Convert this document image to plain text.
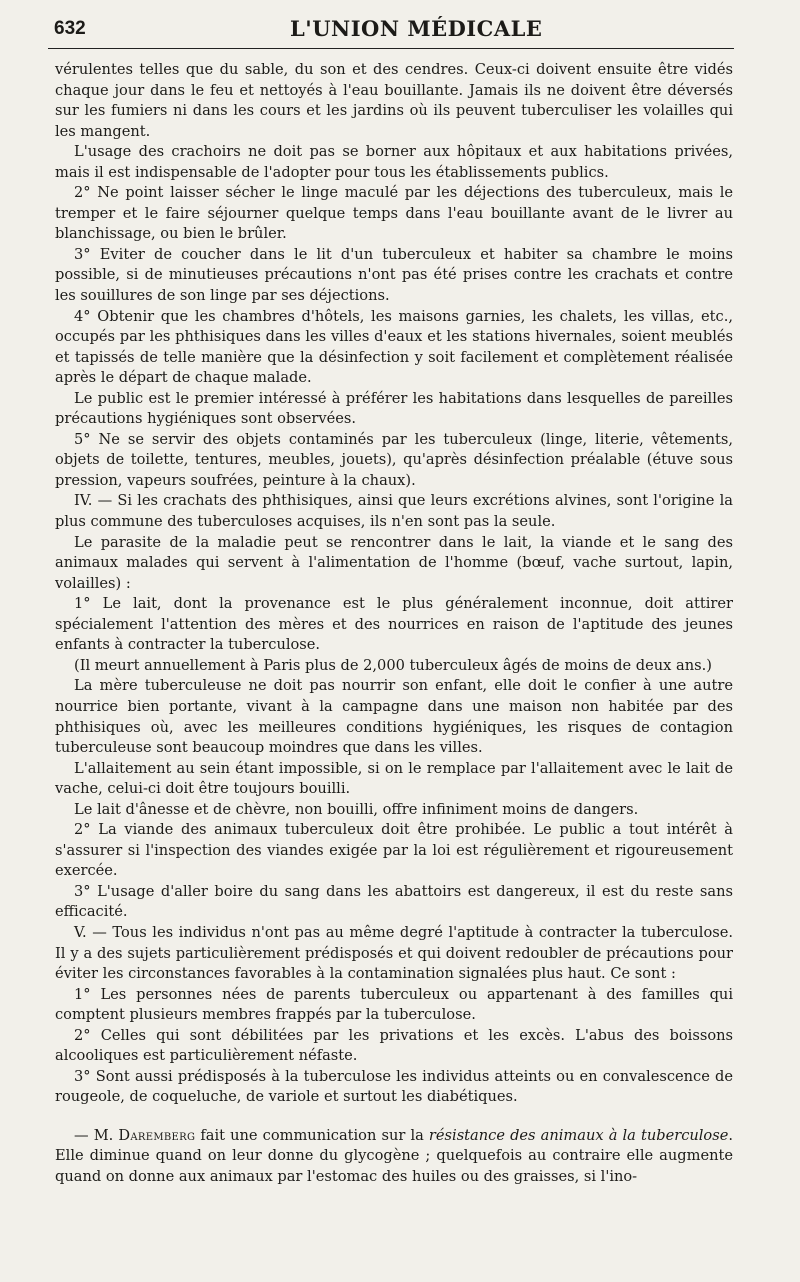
632	L'UNION MÉDICALE

vérulentes telles que du sable, du son et des cendres. Ceux-ci doivent ensuite être vidés chaque jour dans le feu et nettoyés à l'eau bouillante. Jamais ils ne doivent être déversés sur les fumiers ni dans les cours et les jardins où ils peuvent tuberculiser les volailles qui les mangent.

L'usage des crachoirs ne doit pas se borner aux hôpitaux et aux habitations privées, mais il est indispensable de l'adopter pour tous les établissements publics.

2° Ne point laisser sécher le linge maculé par les déjections des tuberculeux, mais le tremper et le faire séjourner quelque temps dans l'eau bouillante avant de le livrer au blanchissage, ou bien le brûler.

3° Eviter de coucher dans le lit d'un tuberculeux et habiter sa chambre le moins possible, si de minutieuses précautions n'ont pas été prises contre les crachats et contre les souillures de son linge par ses déjections.

4° Obtenir que les chambres d'hôtels, les maisons garnies, les chalets, les villas, etc., occupés par les phthisiques dans les villes d'eaux et les stations hivernales, soient meublés et tapissés de telle manière que la désinfection y soit facilement et complètement réalisée après le départ de chaque malade.

Le public est le premier intéressé à préférer les habitations dans lesquelles de pareilles précautions hygiéniques sont observées.

5° Ne se servir des objets contaminés par les tuberculeux (linge, literie, vêtements, objets de toilette, tentures, meubles, jouets), qu'après désinfection préalable (étuve sous pression, vapeurs soufrées, peinture à la chaux).

IV. — Si les crachats des phthisiques, ainsi que leurs excrétions alvines, sont l'origine la plus commune des tuberculoses acquises, ils n'en sont pas la seule.

Le parasite de la maladie peut se rencontrer dans le lait, la viande et le sang des animaux malades qui servent à l'alimentation de l'homme (bœuf, vache surtout, lapin, volailles) :

1° Le lait, dont la provenance est le plus généralement inconnue, doit attirer spécialement l'attention des mères et des nourrices en raison de l'aptitude des jeunes enfants à contracter la tuberculose.

(Il meurt annuellement à Paris plus de 2,000 tuberculeux âgés de moins de deux ans.)

La mère tuberculeuse ne doit pas nourrir son enfant, elle doit le confier à une autre nourrice bien portante, vivant à la campagne dans une maison non habitée par des phthisiques où, avec les meilleures conditions hygiéniques, les risques de contagion tuberculeuse sont beaucoup moindres que dans les villes.

L'allaitement au sein étant impossible, si on le remplace par l'allaitement avec le lait de vache, celui-ci doit être toujours bouilli.

Le lait d'ânesse et de chèvre, non bouilli, offre infiniment moins de dangers.

2° La viande des animaux tuberculeux doit être prohibée. Le public a tout intérêt à s'assurer si l'inspection des viandes exigée par la loi est régulièrement et rigoureusement exercée.

3° L'usage d'aller boire du sang dans les abattoirs est dangereux, il est du reste sans efficacité.

V. — Tous les individus n'ont pas au même degré l'aptitude à contracter la tuberculose. Il y a des sujets particulièrement prédisposés et qui doivent redoubler de précautions pour éviter les circonstances favorables à la contamination signalées plus haut. Ce sont :

1° Les personnes nées de parents tuberculeux ou appartenant à des familles qui comptent plusieurs membres frappés par la tuberculose.

2° Celles qui sont débilitées par les privations et les excès. L'abus des boissons alcooliques est particulièrement néfaste.

3° Sont aussi prédisposés à la tuberculose les individus atteints ou en convalescence de rougeole, de coqueluche, de variole et surtout les diabétiques.

— M. Darembe​rg fait une communication sur la résistance des animaux à la tuberculose. Elle diminue quand on leur donne du glycogène ; quelquefois au contraire elle augmente quand on donne aux animaux par l'estomac des huiles ou des graisses, si l'ino-
